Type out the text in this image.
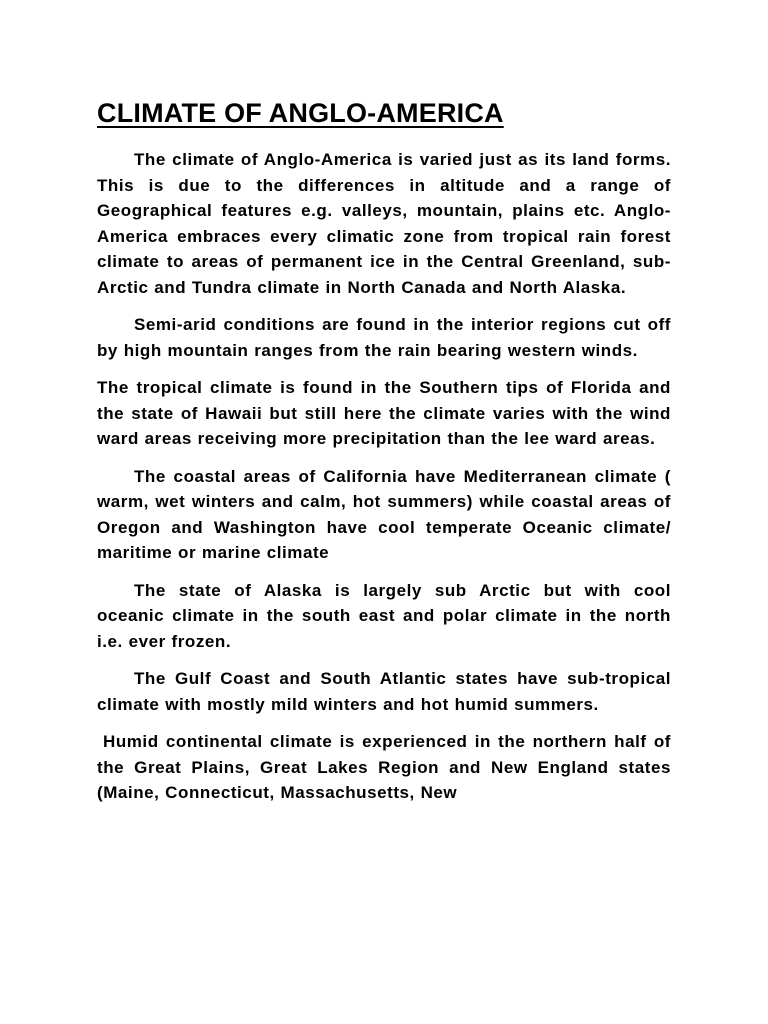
CLIMATE OF ANGLO-AMERICA

The climate of Anglo-America is varied just as its land forms. This is due to the differences in altitude and a range of Geographical features e.g. valleys, mountain, plains etc. Anglo-America embraces every climatic zone from tropical rain forest climate to areas of permanent ice in the Central Greenland, sub- Arctic and Tundra climate in North Canada and North Alaska.

Semi-arid conditions are found in the interior regions cut off by high mountain ranges from the rain bearing western winds.

The tropical climate is found in the Southern tips of Florida and the state of Hawaii but still here the climate varies with the wind ward areas receiving more precipitation than the lee ward areas.

The coastal areas of California have Mediterranean climate ( warm, wet winters and calm, hot summers) while coastal areas of Oregon and Washington have cool temperate Oceanic climate/ maritime or marine climate

The state of Alaska is largely sub Arctic but with cool oceanic climate in the south east and polar climate in the north i.e. ever frozen.

The Gulf Coast and South Atlantic states have sub-tropical climate with mostly mild winters and hot humid summers.

Humid continental climate is experienced in the northern half of the Great Plains, Great Lakes Region and New England states (Maine, Connecticut, Massachusetts, New
